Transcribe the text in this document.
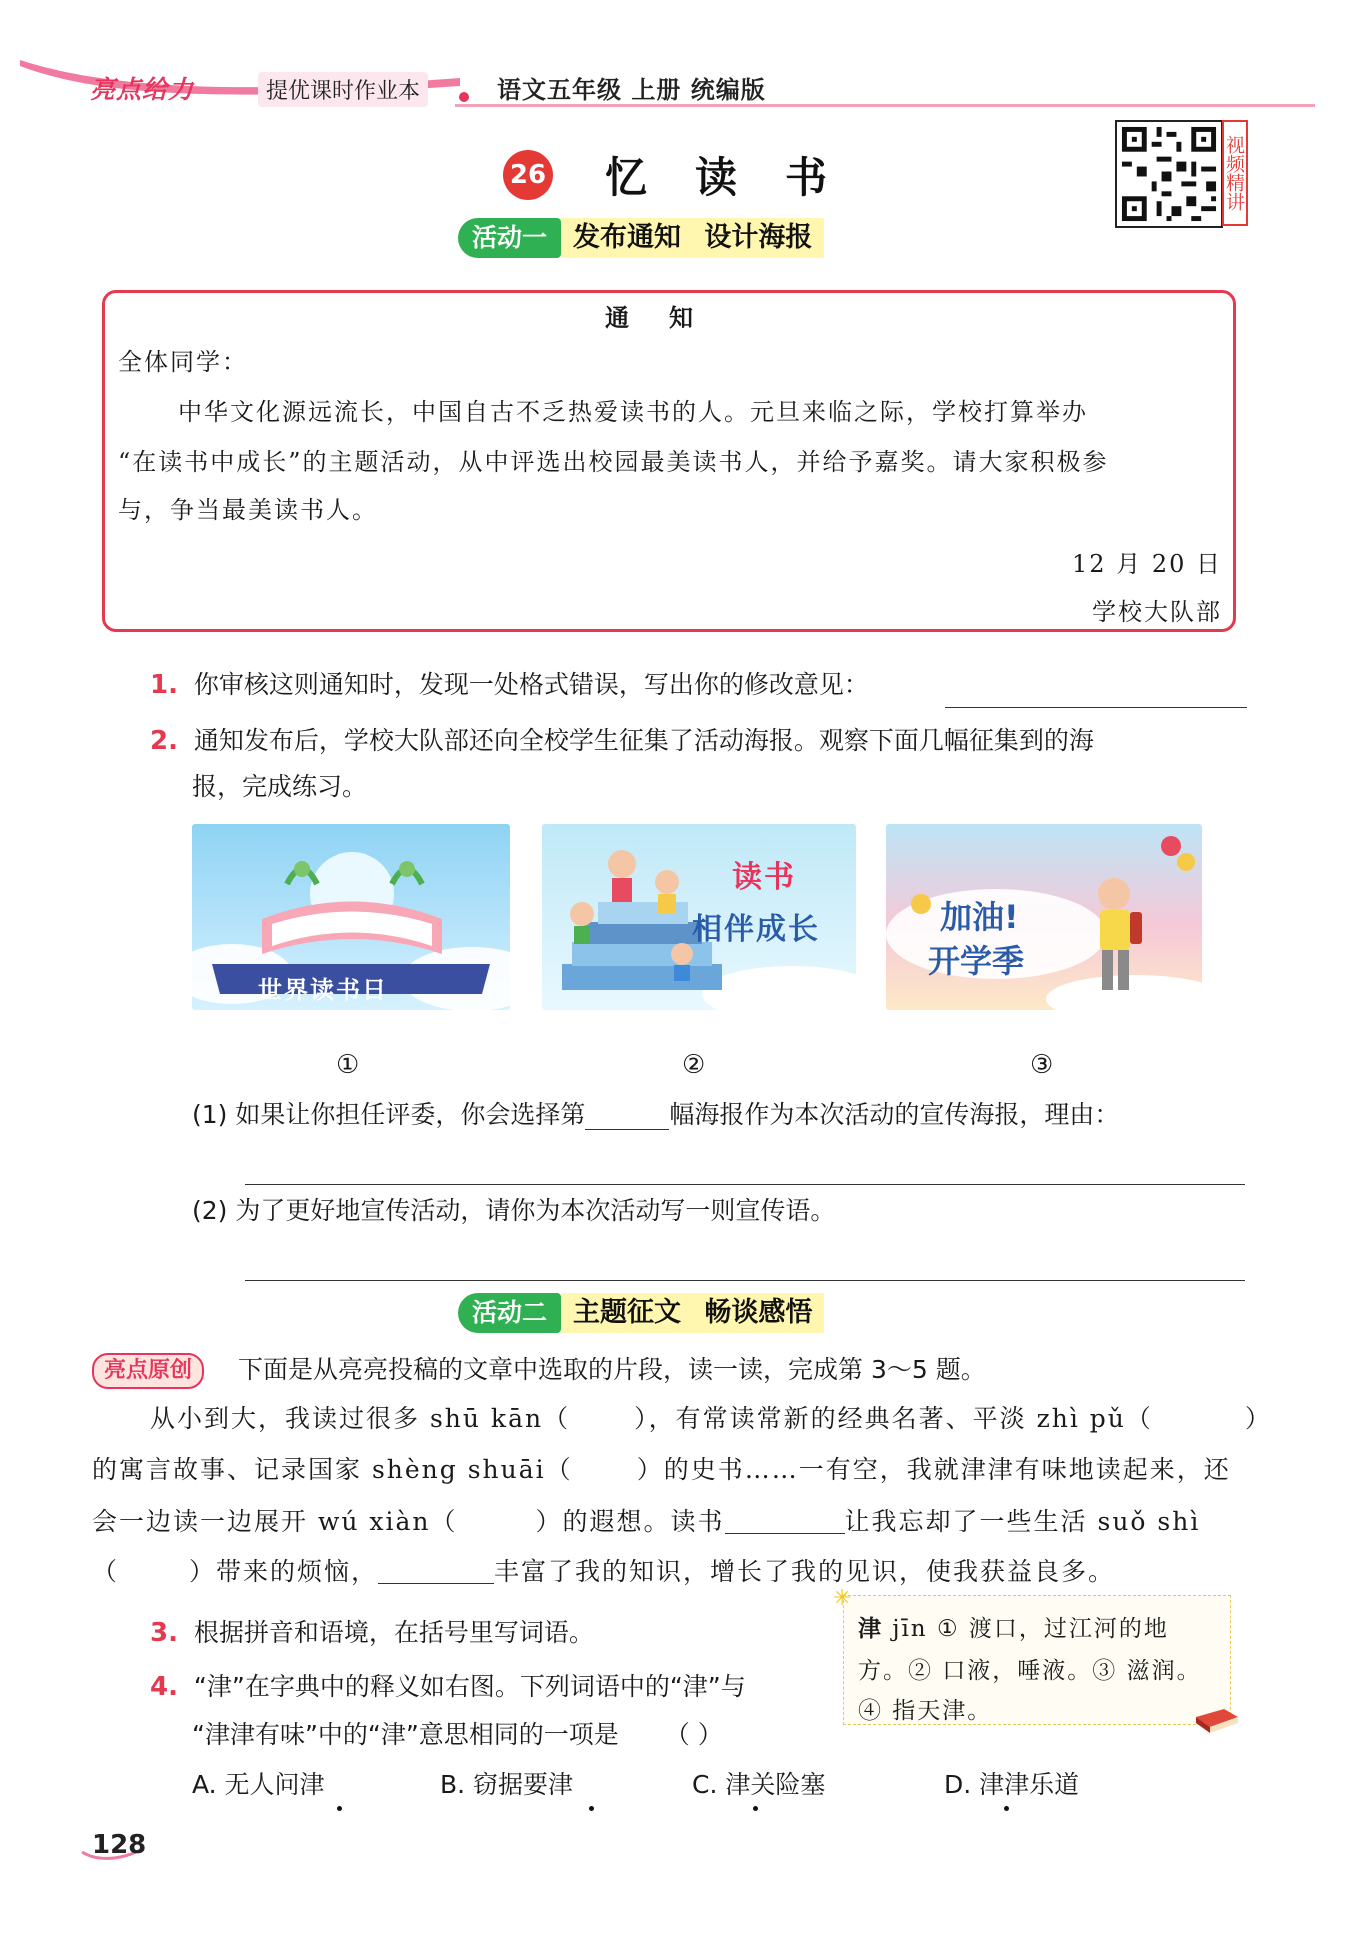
亮点给力	提优课时作业本	语文五年级 上册 统编版
26 忆读书	视频精讲
活动一 发布通知 设计海报
通知
全体同学：
中华文化源远流长，中国自古不乏热爱读书的人。元旦来临之际，学校打算举办
“在读书中成长”的主题活动，从中评选出校园最美读书人，并给予嘉奖。请大家积极参
与，争当最美读书人。
12 月 20 日
学校大队部
1. 你审核这则通知时，发现一处格式错误，写出你的修改意见：
2. 通知发布后，学校大队部还向全校学生征集了活动海报。观察下面几幅征集到的海
报，完成练习。
世界读书日
①
读书
相伴成长
②
加油!
开学季
③
(1) 如果让你担任评委，你会选择第	幅海报作为本次活动的宣传海报，理由：
(2) 为了更好地宣传活动，请你为本次活动写一则宣传语。
活动二 主题征文 畅谈感悟
亮点原创	下面是从亮亮投稿的文章中选取的片段，读一读，完成第 3～5 题。
从小到大，我读过很多 shū kān（	），有常读常新的经典名著、平淡 zhì pǔ（	）
的寓言故事、记录国家 shèng shuāi（	）的史书……一有空，我就津津有味地读起来，还
会一边读一边展开 wú xiàn（	）的遐想。读书	让我忘却了一些生活 suǒ shì
（	）带来的烦恼，	丰富了我的知识，增长了我的见识，使我获益良多。
3. 根据拼音和语境，在括号里写词语。
4. “津”在字典中的释义如右图。下列词语中的“津”与
“津津有味”中的“津”意思相同的一项是 （ ）
A. 无人问津	B. 窃据要津	C. 津关险塞	D. 津津乐道
✳
津 jīn ① 渡口，过江河的地
方。② 口液，唾液。③ 滋润。
④ 指天津。
128
